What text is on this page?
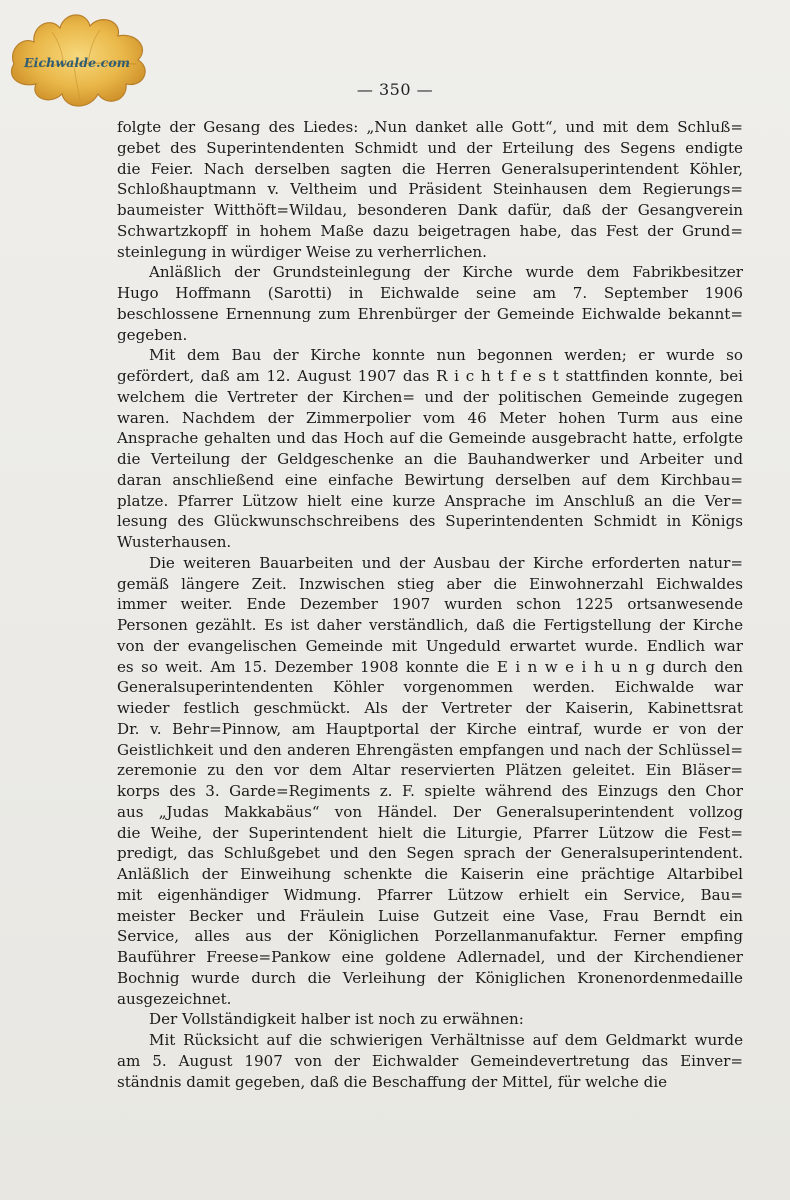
Eichwalde.com
— 350 —
folgte der Gesang des Liedes: „Nun danket alle Gott“, und mit dem Schluß=
gebet des Superintendenten Schmidt und der Erteilung des Segens endigte
die Feier. Nach derselben sagten die Herren Generalsuperintendent Köhler,
Schloßhauptmann v. Veltheim und Präsident Steinhausen dem Regierungs=
baumeister Witthöft=Wildau, besonderen Dank dafür, daß der Gesangverein
Schwartzkopff in hohem Maße dazu beigetragen habe, das Fest der Grund=
steinlegung in würdiger Weise zu verherrlichen.
Anläßlich der Grundsteinlegung der Kirche wurde dem Fabrikbesitzer
Hugo Hoffmann (Sarotti) in Eichwalde seine am 7. September 1906
beschlossene Ernennung zum Ehrenbürger der Gemeinde Eichwalde bekannt=
gegeben.
Mit dem Bau der Kirche konnte nun begonnen werden; er wurde so
gefördert, daß am 12. August 1907 das R i c h t f e s t stattfinden konnte, bei
welchem die Vertreter der Kirchen= und der politischen Gemeinde zugegen
waren. Nachdem der Zimmerpolier vom 46 Meter hohen Turm aus eine
Ansprache gehalten und das Hoch auf die Gemeinde ausgebracht hatte, erfolgte
die Verteilung der Geldgeschenke an die Bauhandwerker und Arbeiter und
daran anschließend eine einfache Bewirtung derselben auf dem Kirchbau=
platze. Pfarrer Lützow hielt eine kurze Ansprache im Anschluß an die Ver=
lesung des Glückwunschschreibens des Superintendenten Schmidt in Königs
Wusterhausen.
Die weiteren Bauarbeiten und der Ausbau der Kirche erforderten natur=
gemäß längere Zeit. Inzwischen stieg aber die Einwohnerzahl Eichwaldes
immer weiter. Ende Dezember 1907 wurden schon 1225 ortsanwesende
Personen gezählt. Es ist daher verständlich, daß die Fertigstellung der Kirche
von der evangelischen Gemeinde mit Ungeduld erwartet wurde. Endlich war
es so weit. Am 15. Dezember 1908 konnte die E i n w e i h u n g durch den
Generalsuperintendenten Köhler vorgenommen werden. Eichwalde war
wieder festlich geschmückt. Als der Vertreter der Kaiserin, Kabinettsrat
Dr. v. Behr=Pinnow, am Hauptportal der Kirche eintraf, wurde er von der
Geistlichkeit und den anderen Ehrengästen empfangen und nach der Schlüssel=
zeremonie zu den vor dem Altar reservierten Plätzen geleitet. Ein Bläser=
korps des 3. Garde=Regiments z. F. spielte während des Einzugs den Chor
aus „Judas Makkabäus“ von Händel. Der Generalsuperintendent vollzog
die Weihe, der Superintendent hielt die Liturgie, Pfarrer Lützow die Fest=
predigt, das Schlußgebet und den Segen sprach der Generalsuperintendent.
Anläßlich der Einweihung schenkte die Kaiserin eine prächtige Altarbibel
mit eigenhändiger Widmung. Pfarrer Lützow erhielt ein Service, Bau=
meister Becker und Fräulein Luise Gutzeit eine Vase, Frau Berndt ein
Service, alles aus der Königlichen Porzellanmanufaktur. Ferner empfing
Bauführer Freese=Pankow eine goldene Adlernadel, und der Kirchendiener
Bochnig wurde durch die Verleihung der Königlichen Kronenordenmedaille
ausgezeichnet.
Der Vollständigkeit halber ist noch zu erwähnen:
Mit Rücksicht auf die schwierigen Verhältnisse auf dem Geldmarkt wurde
am 5. August 1907 von der Eichwalder Gemeindevertretung das Einver=
ständnis damit gegeben, daß die Beschaffung der Mittel, für welche die
